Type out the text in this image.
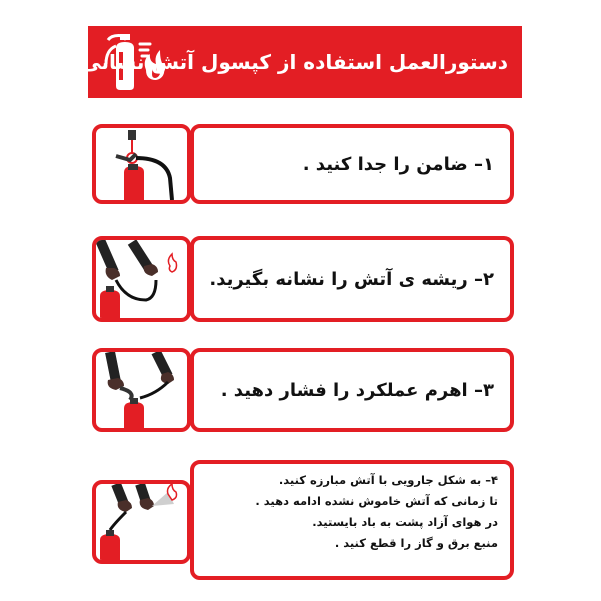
دستورالعمل استفاده از کپسول آتش نشانی
۱– ضامن را جدا کنید .
۲– ریشه ی آتش را نشانه بگیرید.
۳– اهرم عملکرد را فشار دهید .
۴– به شکل جارویی با آتش مبارزه کنید.
تا زمانی که آتش خاموش نشده ادامه دهید .
در هوای آزاد پشت به باد بایستید.
منبع برق و گاز را قطع کنید .
